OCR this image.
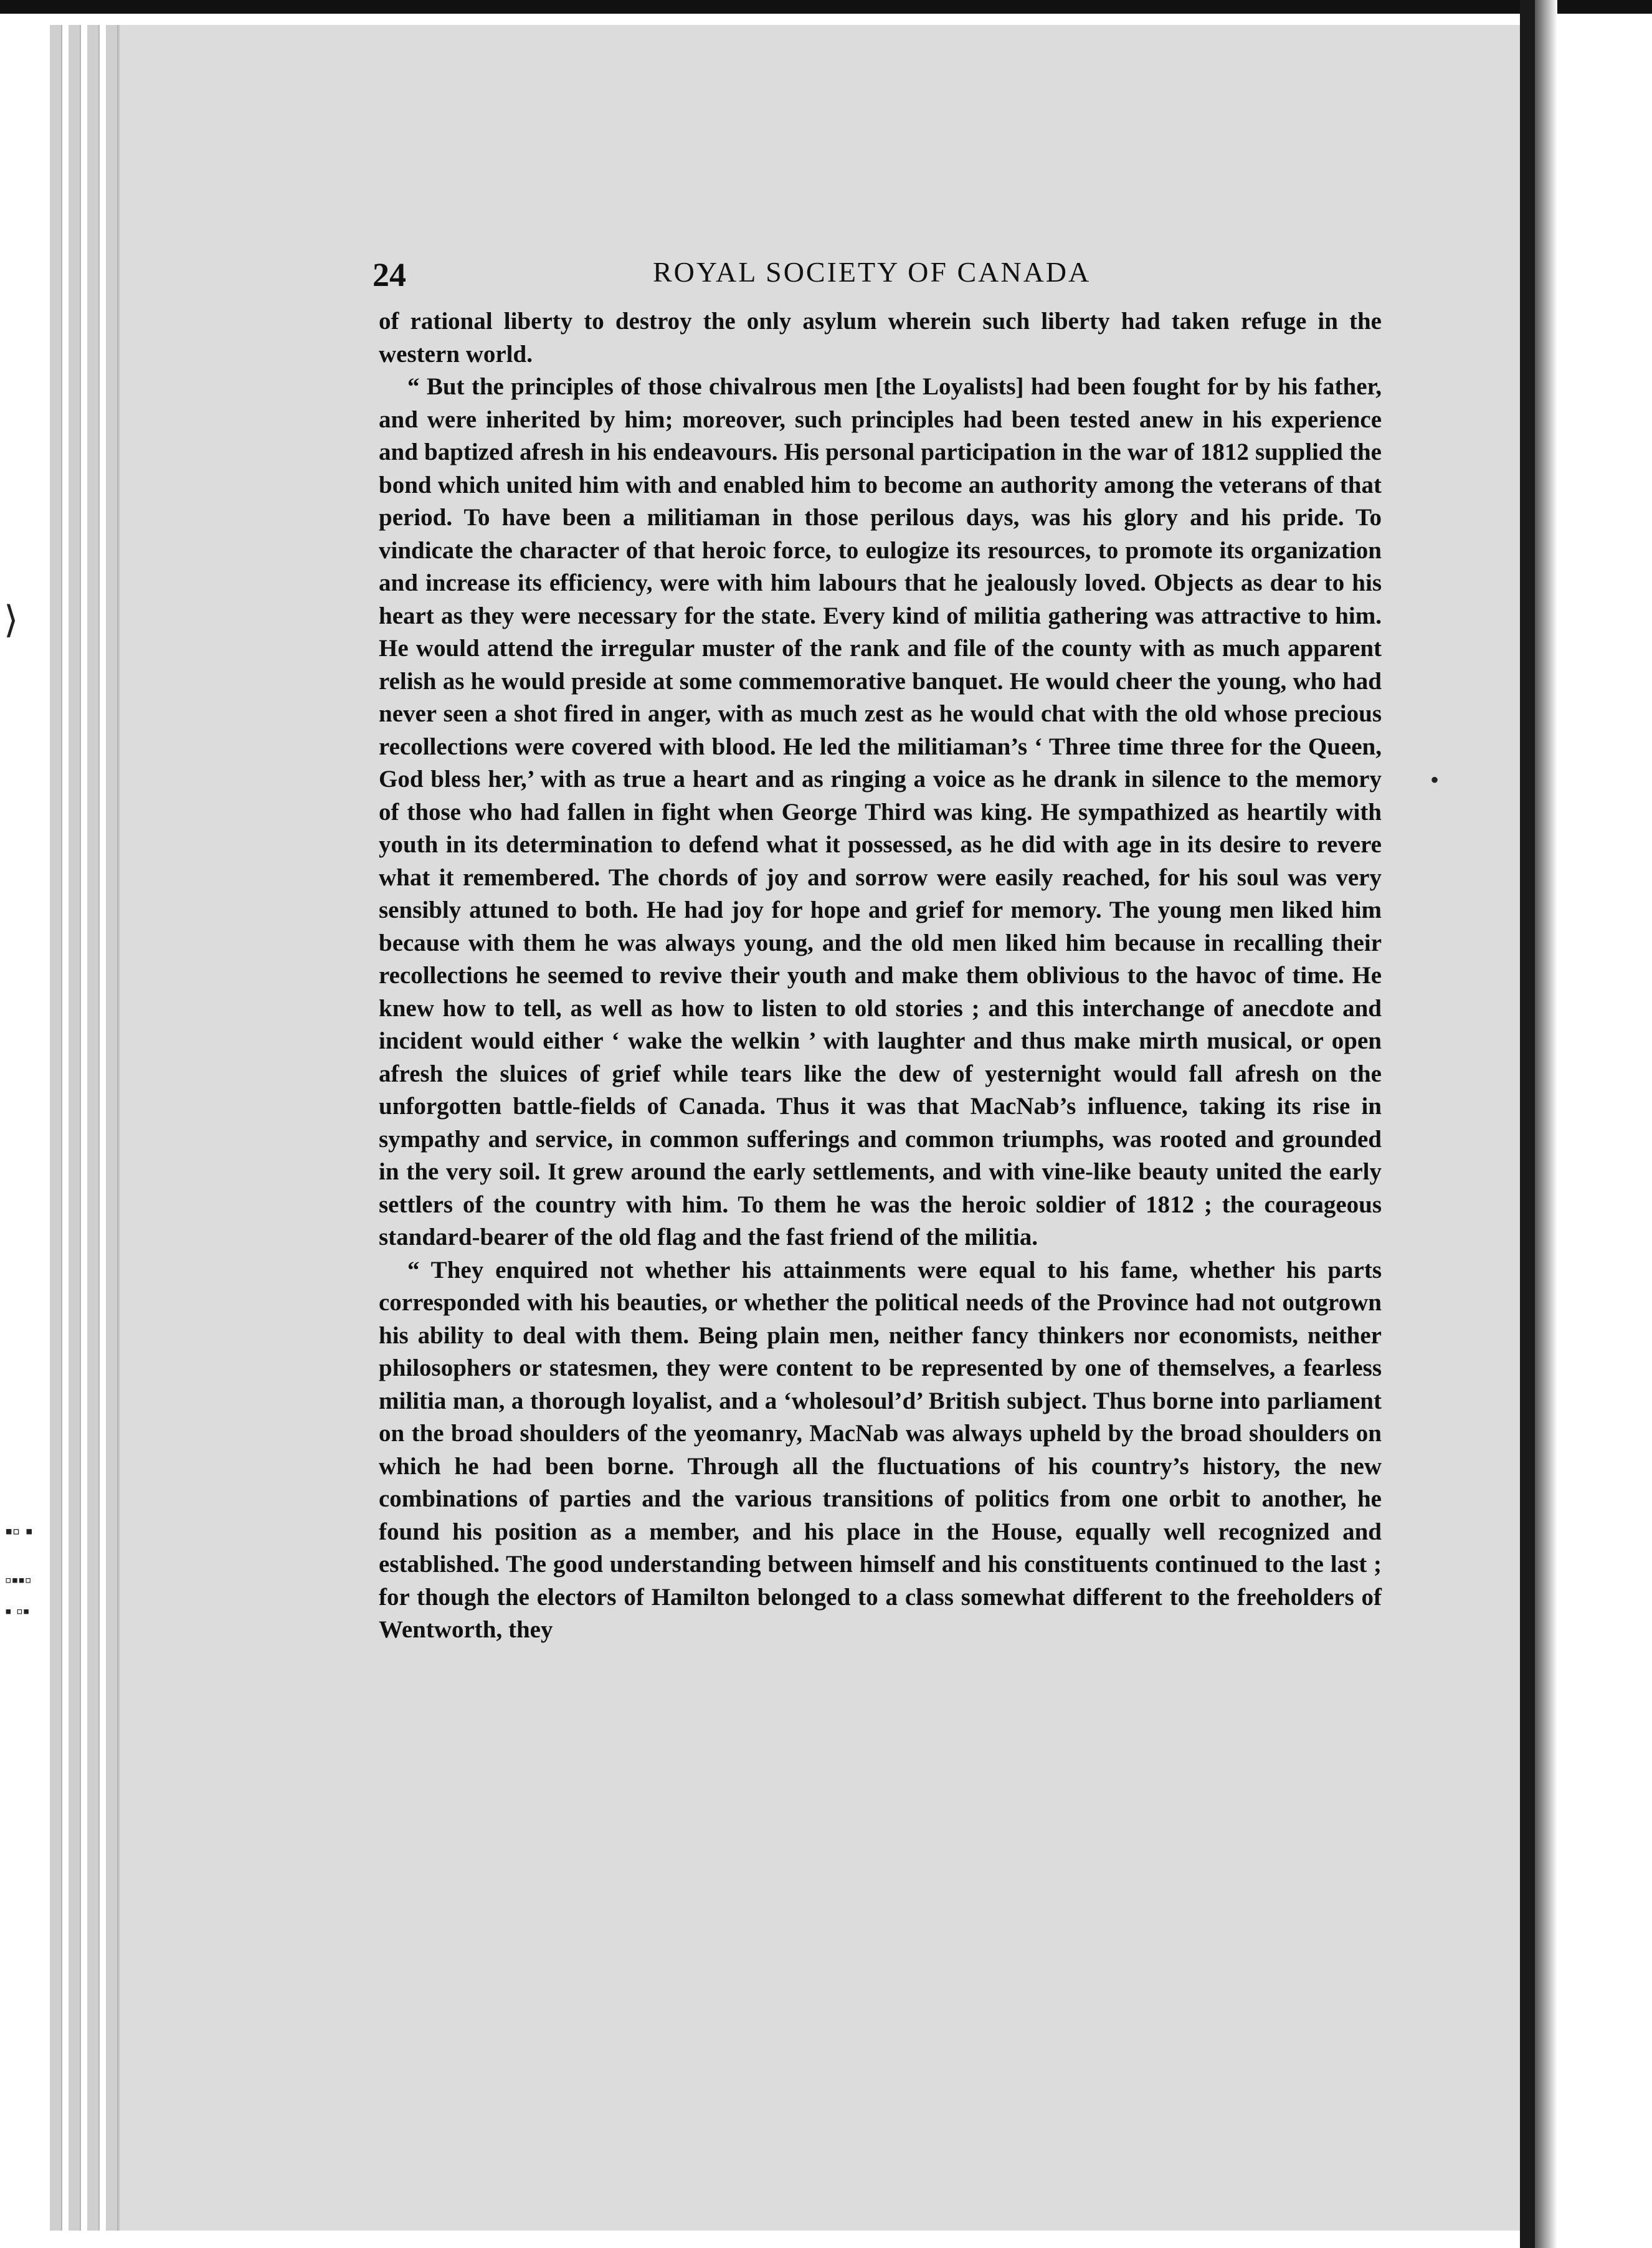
⟩
•
▪▫ ▪
▫▪▪▫
▪ ▫▪
24	ROYAL SOCIETY OF CANADA

of rational liberty to destroy the only asylum wherein such liberty had taken refuge in the western world.

“ But the principles of those chivalrous men [the Loyalists] had been fought for by his father, and were inherited by him; moreover, such principles had been tested anew in his experience and baptized afresh in his endeavours. His personal participation in the war of 1812 supplied the bond which united him with and enabled him to become an authority among the veterans of that period. To have been a militiaman in those perilous days, was his glory and his pride. To vindicate the character of that heroic force, to eulogize its resources, to promote its organization and increase its efficiency, were with him labours that he jealously loved. Objects as dear to his heart as they were necessary for the state. Every kind of militia gathering was attractive to him. He would attend the irregular muster of the rank and file of the county with as much apparent relish as he would preside at some commemorative banquet. He would cheer the young, who had never seen a shot fired in anger, with as much zest as he would chat with the old whose precious recollections were covered with blood. He led the militiaman’s ‘ Three time three for the Queen, God bless her,’ with as true a heart and as ringing a voice as he drank in silence to the memory of those who had fallen in fight when George Third was king. He sympathized as heartily with youth in its determination to defend what it possessed, as he did with age in its desire to revere what it remembered. The chords of joy and sorrow were easily reached, for his soul was very sensibly attuned to both. He had joy for hope and grief for memory. The young men liked him because with them he was always young, and the old men liked him because in recalling their recollections he seemed to revive their youth and make them oblivious to the havoc of time. He knew how to tell, as well as how to listen to old stories ; and this interchange of anecdote and incident would either ‘ wake the welkin ’ with laughter and thus make mirth musical, or open afresh the sluices of grief while tears like the dew of yesternight would fall afresh on the unforgotten battle-fields of Canada. Thus it was that MacNab’s influence, taking its rise in sympathy and service, in common sufferings and common triumphs, was rooted and grounded in the very soil. It grew around the early settlements, and with vine-like beauty united the early settlers of the country with him. To them he was the heroic soldier of 1812 ; the courageous standard-bearer of the old flag and the fast friend of the militia.

“ They enquired not whether his attainments were equal to his fame, whether his parts corresponded with his beauties, or whether the political needs of the Province had not outgrown his ability to deal with them. Being plain men, neither fancy thinkers nor economists, neither philosophers or statesmen, they were content to be represented by one of themselves, a fearless militia man, a thorough loyalist, and a ‘wholesoul’d’ British subject. Thus borne into parliament on the broad shoulders of the yeomanry, MacNab was always upheld by the broad shoulders on which he had been borne. Through all the fluctuations of his country’s history, the new combinations of parties and the various transitions of politics from one orbit to another, he found his position as a member, and his place in the House, equally well recognized and established. The good understanding between himself and his constituents continued to the last ; for though the electors of Hamilton belonged to a class somewhat different to the freeholders of Wentworth, they
